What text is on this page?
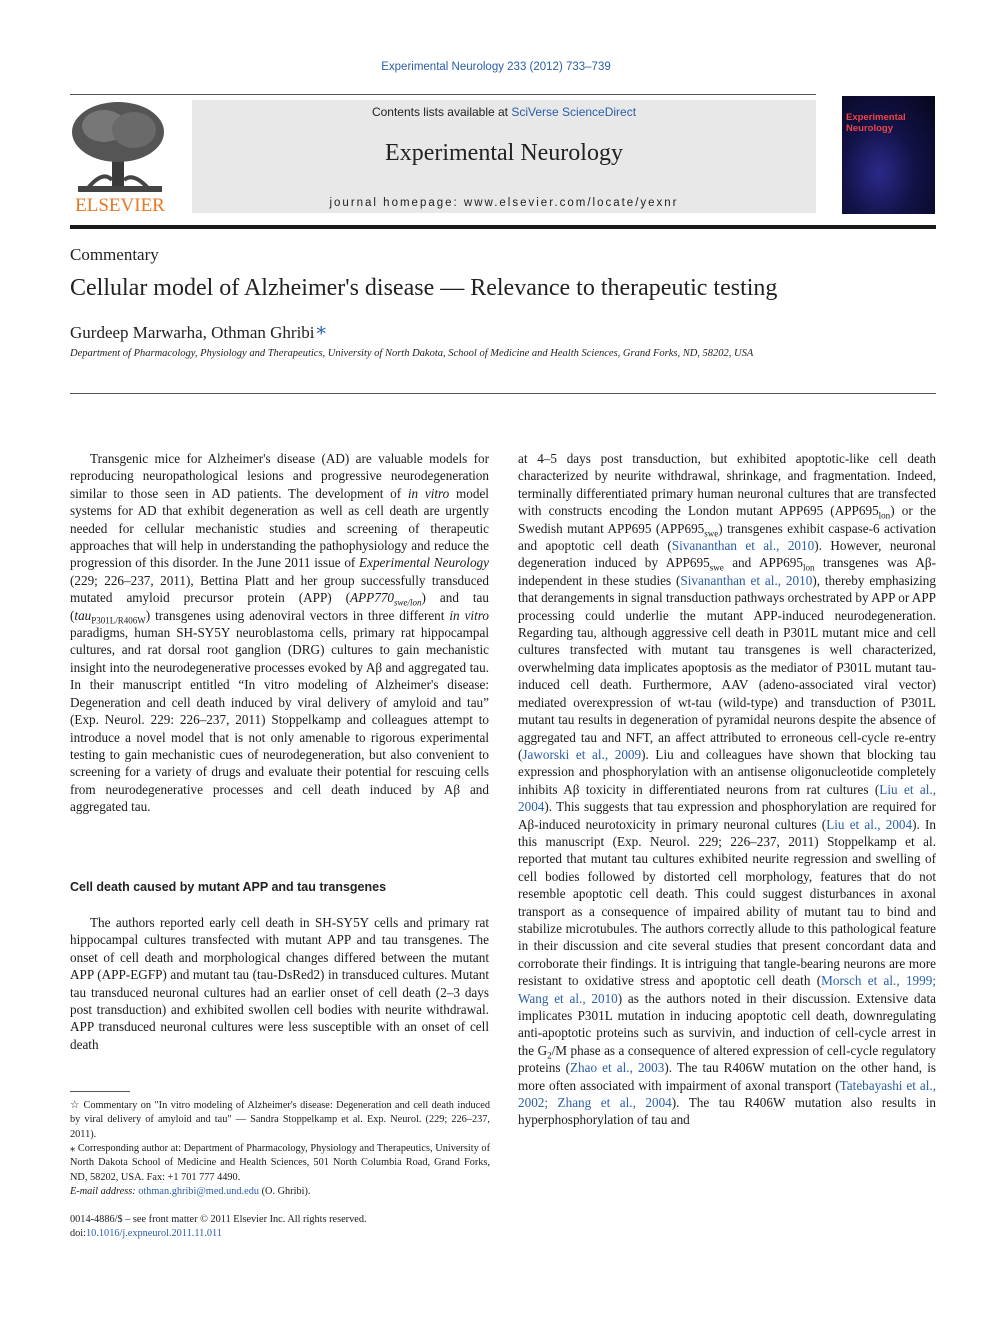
Experimental Neurology 233 (2012) 733–739
ELSEVIER
Contents lists available at SciVerse ScienceDirect
Experimental Neurology
journal homepage: www.elsevier.com/locate/yexnr
Experimental Neurology
Commentary
Cellular model of Alzheimer's disease — Relevance to therapeutic testing
Gurdeep Marwarha, Othman Ghribi ⁎
Department of Pharmacology, Physiology and Therapeutics, University of North Dakota, School of Medicine and Health Sciences, Grand Forks, ND, 58202, USA

Transgenic mice for Alzheimer's disease (AD) are valuable models for reproducing neuropathological lesions and progressive neurodegeneration similar to those seen in AD patients. The development of in vitro model systems for AD that exhibit degeneration as well as cell death are urgently needed for cellular mechanistic studies and screening of therapeutic approaches that will help in understanding the pathophysiology and reduce the progression of this disorder. In the June 2011 issue of Experimental Neurology (229; 226–237, 2011), Bettina Platt and her group successfully transduced mutated amyloid precursor protein (APP) $(APP770_{swe/lon})$ and tau (tau$_{P301L/R406W}$) transgenes using adenoviral vectors in three different in vitro paradigms, human SH-SY5Y neuroblastoma cells, primary rat hippocampal cultures, and rat dorsal root ganglion (DRG) cultures to gain mechanistic insight into the neurodegenerative processes evoked by Aβ and aggregated tau. In their manuscript entitled “In vitro modeling of Alzheimer's disease: Degeneration and cell death induced by viral delivery of amyloid and tau” (Exp. Neurol. 229: 226–237, 2011) Stoppelkamp and colleagues attempt to introduce a novel model that is not only amenable to rigorous experimental testing to gain mechanistic cues of neurodegeneration, but also convenient to screening for a variety of drugs and evaluate their potential for rescuing cells from neurodegenerative processes and cell death induced by Aβ and aggregated tau.

Cell death caused by mutant APP and tau transgenes

The authors reported early cell death in SH-SY5Y cells and primary rat hippocampal cultures transfected with mutant APP and tau transgenes. The onset of cell death and morphological changes differed between the mutant APP (APP-EGFP) and mutant tau (tau-DsRed2) in transduced cultures. Mutant tau transduced neuronal cultures had an earlier onset of cell death (2–3 days post transduction) and exhibited swollen cell bodies with neurite withdrawal. APP transduced neuronal cultures were less susceptible with an onset of cell death

at 4–5 days post transduction, but exhibited apoptotic-like cell death characterized by neurite withdrawal, shrinkage, and fragmentation. Indeed, terminally differentiated primary human neuronal cultures that are transfected with constructs encoding the London mutant APP695 $(APP695_{lon})$ or the Swedish mutant APP695 $(APP695_{swe})$ transgenes exhibit caspase-6 activation and apoptotic cell death (Sivananthan et al., 2010). However, neuronal degeneration induced by $APP695_{swe}$ and $APP695_{lon}$ transgenes was Aβ-independent in these studies (Sivananthan et al., 2010), thereby emphasizing that derangements in signal transduction pathways orchestrated by APP or APP processing could underlie the mutant APP-induced neurodegeneration. Regarding tau, although aggressive cell death in P301L mutant mice and cell cultures transfected with mutant tau transgenes is well characterized, overwhelming data implicates apoptosis as the mediator of P301L mutant tau-induced cell death. Furthermore, AAV (adeno-associated viral vector) mediated overexpression of wt-tau (wild-type) and transduction of P301L mutant tau results in degeneration of pyramidal neurons despite the absence of aggregated tau and NFT, an affect attributed to erroneous cell-cycle re-entry (Jaworski et al., 2009). Liu and colleagues have shown that blocking tau expression and phosphorylation with an antisense oligonucleotide completely inhibits Aβ toxicity in differentiated neurons from rat cultures (Liu et al., 2004). This suggests that tau expression and phosphorylation are required for Aβ-induced neurotoxicity in primary neuronal cultures (Liu et al., 2004). In this manuscript (Exp. Neurol. 229; 226–237, 2011) Stoppelkamp et al. reported that mutant tau cultures exhibited neurite regression and swelling of cell bodies followed by distorted cell morphology, features that do not resemble apoptotic cell death. This could suggest disturbances in axonal transport as a consequence of impaired ability of mutant tau to bind and stabilize microtubules. The authors correctly allude to this pathological feature in their discussion and cite several studies that present concordant data and corroborate their findings. It is intriguing that tangle-bearing neurons are more resistant to oxidative stress and apoptotic cell death (Morsch et al., 1999; Wang et al., 2010) as the authors noted in their discussion. Extensive data implicates P301L mutation in inducing apoptotic cell death, downregulating anti-apoptotic proteins such as survivin, and induction of cell-cycle arrest in the $G_2/M$ phase as a consequence of altered expression of cell-cycle regulatory proteins (Zhao et al., 2003). The tau R406W mutation on the other hand, is more often associated with impairment of axonal transport (Tatebayashi et al., 2002; Zhang et al., 2004). The tau R406W mutation also results in hyperphosphorylation of tau and

☆ Commentary on "In vitro modeling of Alzheimer's disease: Degeneration and cell death induced by viral delivery of amyloid and tau" — Sandra Stoppelkamp et al. Exp. Neurol. (229; 226–237, 2011).
⁎ Corresponding author at: Department of Pharmacology, Physiology and Therapeutics, University of North Dakota School of Medicine and Health Sciences, 501 North Columbia Road, Grand Forks, ND, 58202, USA. Fax: +1 701 777 4490.
E-mail address: othman.ghribi@med.und.edu (O. Ghribi).
0014-4886/$ – see front matter © 2011 Elsevier Inc. All rights reserved.
doi:10.1016/j.expneurol.2011.11.011
